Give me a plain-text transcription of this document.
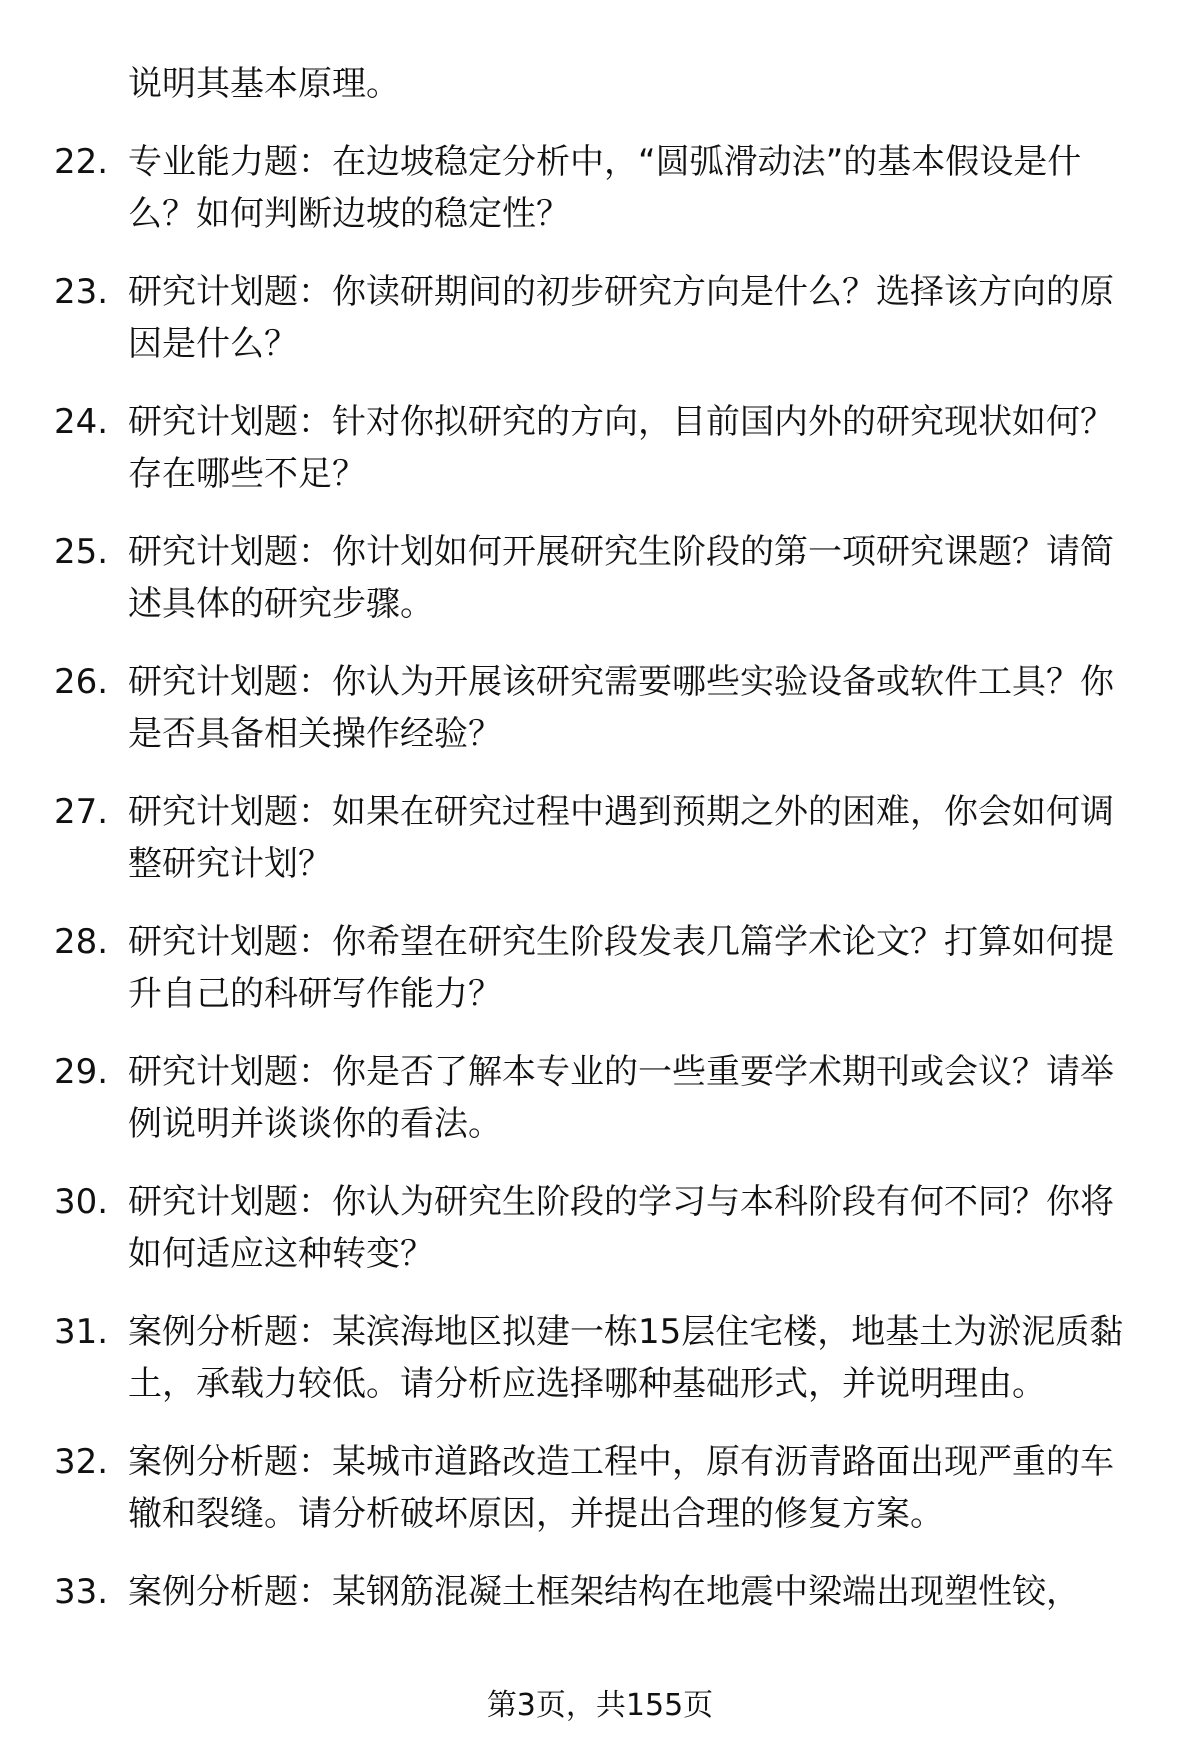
说明其基本原理。
22. 专业能力题：在边坡稳定分析中，“圆弧滑动法”的基本假设是什么？如何判断边坡的稳定性？
23. 研究计划题：你读研期间的初步研究方向是什么？选择该方向的原因是什么？
24. 研究计划题：针对你拟研究的方向，目前国内外的研究现状如何？存在哪些不足？
25. 研究计划题：你计划如何开展研究生阶段的第一项研究课题？请简述具体的研究步骤。
26. 研究计划题：你认为开展该研究需要哪些实验设备或软件工具？你是否具备相关操作经验？
27. 研究计划题：如果在研究过程中遇到预期之外的困难，你会如何调整研究计划？
28. 研究计划题：你希望在研究生阶段发表几篇学术论文？打算如何提升自己的科研写作能力？
29. 研究计划题：你是否了解本专业的一些重要学术期刊或会议？请举例说明并谈谈你的看法。
30. 研究计划题：你认为研究生阶段的学习与本科阶段有何不同？你将如何适应这种转变？
31. 案例分析题：某滨海地区拟建一栋15层住宅楼，地基土为淤泥质黏土，承载力较低。请分析应选择哪种基础形式，并说明理由。
32. 案例分析题：某城市道路改造工程中，原有沥青路面出现严重的车辙和裂缝。请分析破坏原因，并提出合理的修复方案。
33. 案例分析题：某钢筋混凝土框架结构在地震中梁端出现塑性铰，
第3页，共155页
